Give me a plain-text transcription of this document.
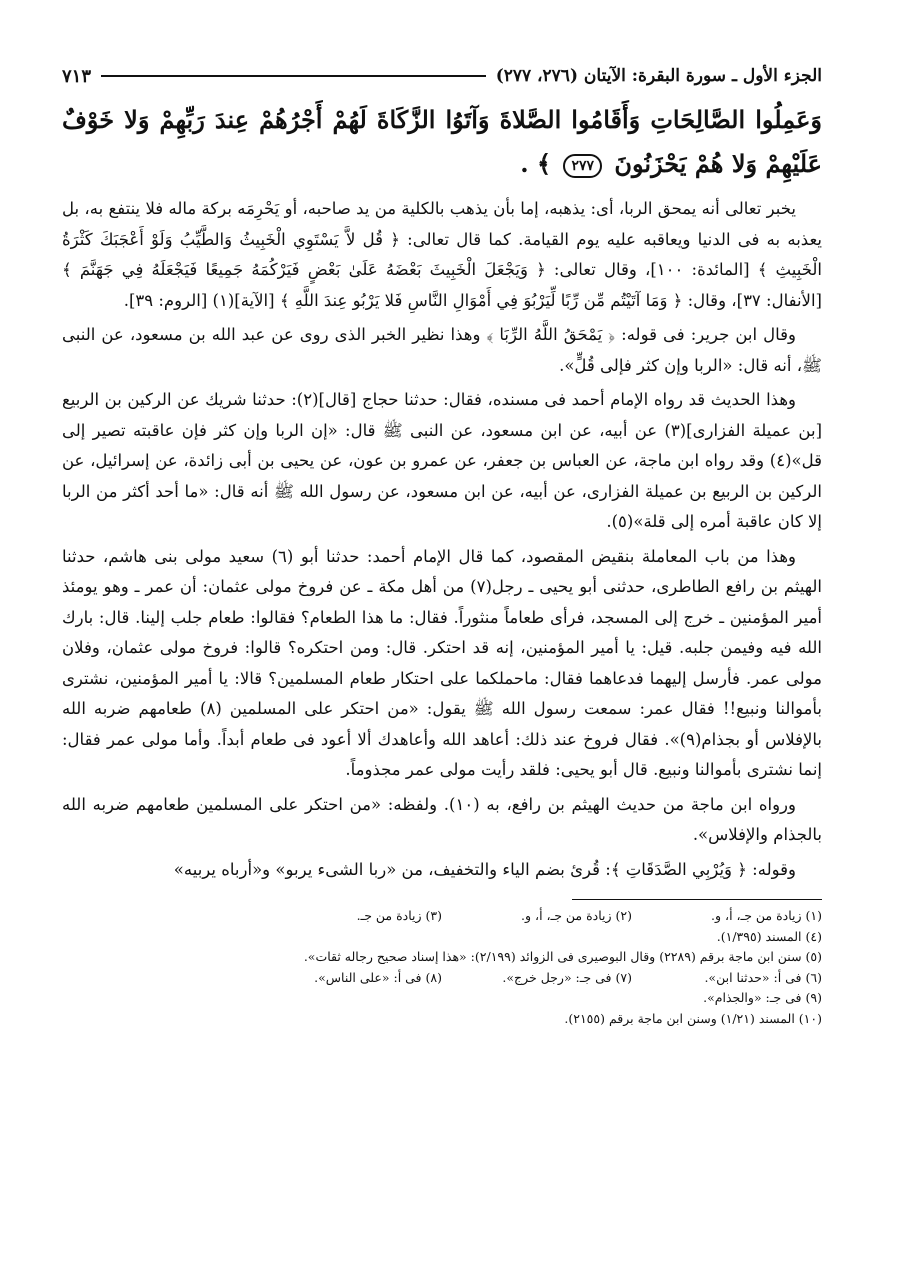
الجزء الأول ـ سورة البقرة: الآيتان (٢٧٦، ٢٧٧)
٧١٣
وَعَمِلُوا الصَّالِحَاتِ وَأَقَامُوا الصَّلاةَ وَآتَوُا الزَّكَاةَ لَهُمْ أَجْرُهُمْ عِندَ رَبِّهِمْ وَلا خَوْفٌ عَلَيْهِمْ وَلا هُمْ يَحْزَنُونَ ٢٧٧ ﴾ .

يخبر تعالى أنه يمحق الربا، أى: يذهبه، إما بأن يذهب بالكلية من يد صاحبه، أو يَحْرِمَه بركة ماله فلا ينتفع به، بل يعذبه به فى الدنيا ويعاقبه عليه يوم القيامة. كما قال تعالى: ﴿ قُل لاَّ يَسْتَوِي الْخَبِيثُ وَالطَّيِّبُ وَلَوْ أَعْجَبَكَ كَثْرَةُ الْخَبِيثِ ﴾ [المائدة: ١٠٠]، وقال تعالى: ﴿ وَيَجْعَلَ الْخَبِيثَ بَعْضَهُ عَلَىٰ بَعْضٍ فَيَرْكُمَهُ جَمِيعًا فَيَجْعَلَهُ فِي جَهَنَّمَ ﴾ [الأنفال: ٣٧]، وقال: ﴿ وَمَا آتَيْتُم مِّن رِّبًا لِّيَرْبُوَ فِي أَمْوَالِ النَّاسِ فَلا يَرْبُو عِندَ اللَّهِ ﴾ [الآية](١) [الروم: ٣٩].

وقال ابن جرير: فى قوله: ﴿ يَمْحَقُ اللَّهُ الرِّبَا ﴾ وهذا نظير الخبر الذى روى عن عبد الله بن مسعود، عن النبى ﷺ، أنه قال: «الربا وإن كثر فإلى قُلٍّ».

وهذا الحديث قد رواه الإمام أحمد فى مسنده، فقال: حدثنا حجاج [قال](٢): حدثنا شريك عن الركين بن الربيع [بن عميلة الفزارى](٣) عن أبيه، عن ابن مسعود، عن النبى ﷺ قال: «إن الربا وإن كثر فإن عاقبته تصير إلى قل»(٤) وقد رواه ابن ماجة، عن العباس بن جعفر، عن عمرو بن عون، عن يحيى بن أبى زائدة، عن إسرائيل، عن الركين بن الربيع بن عميلة الفزارى، عن أبيه، عن ابن مسعود، عن رسول الله ﷺ أنه قال: «ما أحد أكثر من الربا إلا كان عاقبة أمره إلى قلة»(٥).

وهذا من باب المعاملة بنقيض المقصود، كما قال الإمام أحمد: حدثنا أبو (٦) سعيد مولى بنى هاشم، حدثنا الهيثم بن رافع الطاطرى، حدثنى أبو يحيى ـ رجل(٧) من أهل مكة ـ عن فروخ مولى عثمان: أن عمر ـ وهو يومئذ أمير المؤمنين ـ خرج إلى المسجد، فرأى طعاماً منثوراً. فقال: ما هذا الطعام؟ فقالوا: طعام جلب إلينا. قال: بارك الله فيه وفيمن جلبه. قيل: يا أمير المؤمنين، إنه قد احتكر. قال: ومن احتكره؟ قالوا: فروخ مولى عثمان، وفلان مولى عمر. فأرسل إليهما فدعاهما فقال: ماحملكما على احتكار طعام المسلمين؟ قالا: يا أمير المؤمنين، نشترى بأموالنا ونبيع!! فقال عمر: سمعت رسول الله ﷺ يقول: «من احتكر على المسلمين (٨) طعامهم ضربه الله بالإفلاس أو بجذام(٩)». فقال فروخ عند ذلك: أعاهد الله وأعاهدك ألا أعود فى طعام أبداً. وأما مولى عمر فقال: إنما نشترى بأموالنا ونبيع. قال أبو يحيى: فلقد رأيت مولى عمر مجذوماً.

ورواه ابن ماجة من حديث الهيثم بن رافع، به (١٠). ولفظه: «من احتكر على المسلمين طعامهم ضربه الله بالجذام والإفلاس».

وقوله: ﴿ وَيُرْبِي الصَّدَقَاتِ ﴾: قُرئ بضم الياء والتخفيف، من «ربا الشىء يربو» و«أرباه يربيه»

(١) زيادة من جـ، أ، و.
(٢) زيادة من جـ، أ، و.
(٣) زيادة من جـ.
(٤) المسند (١/٣٩٥).
(٥) سنن ابن ماجة برقم (٢٢٨٩) وقال البوصيرى فى الزوائد (٢/١٩٩): «هذا إسناد صحيح رجاله ثقات».
(٦) فى أ: «حدثنا ابن».
(٧) فى جـ: «رجل خرج».
(٨) فى أ: «على الناس».
(٩) فى جـ: «والجذام».
(١٠) المسند (١/٢١) وسنن ابن ماجة برقم (٢١٥٥).
